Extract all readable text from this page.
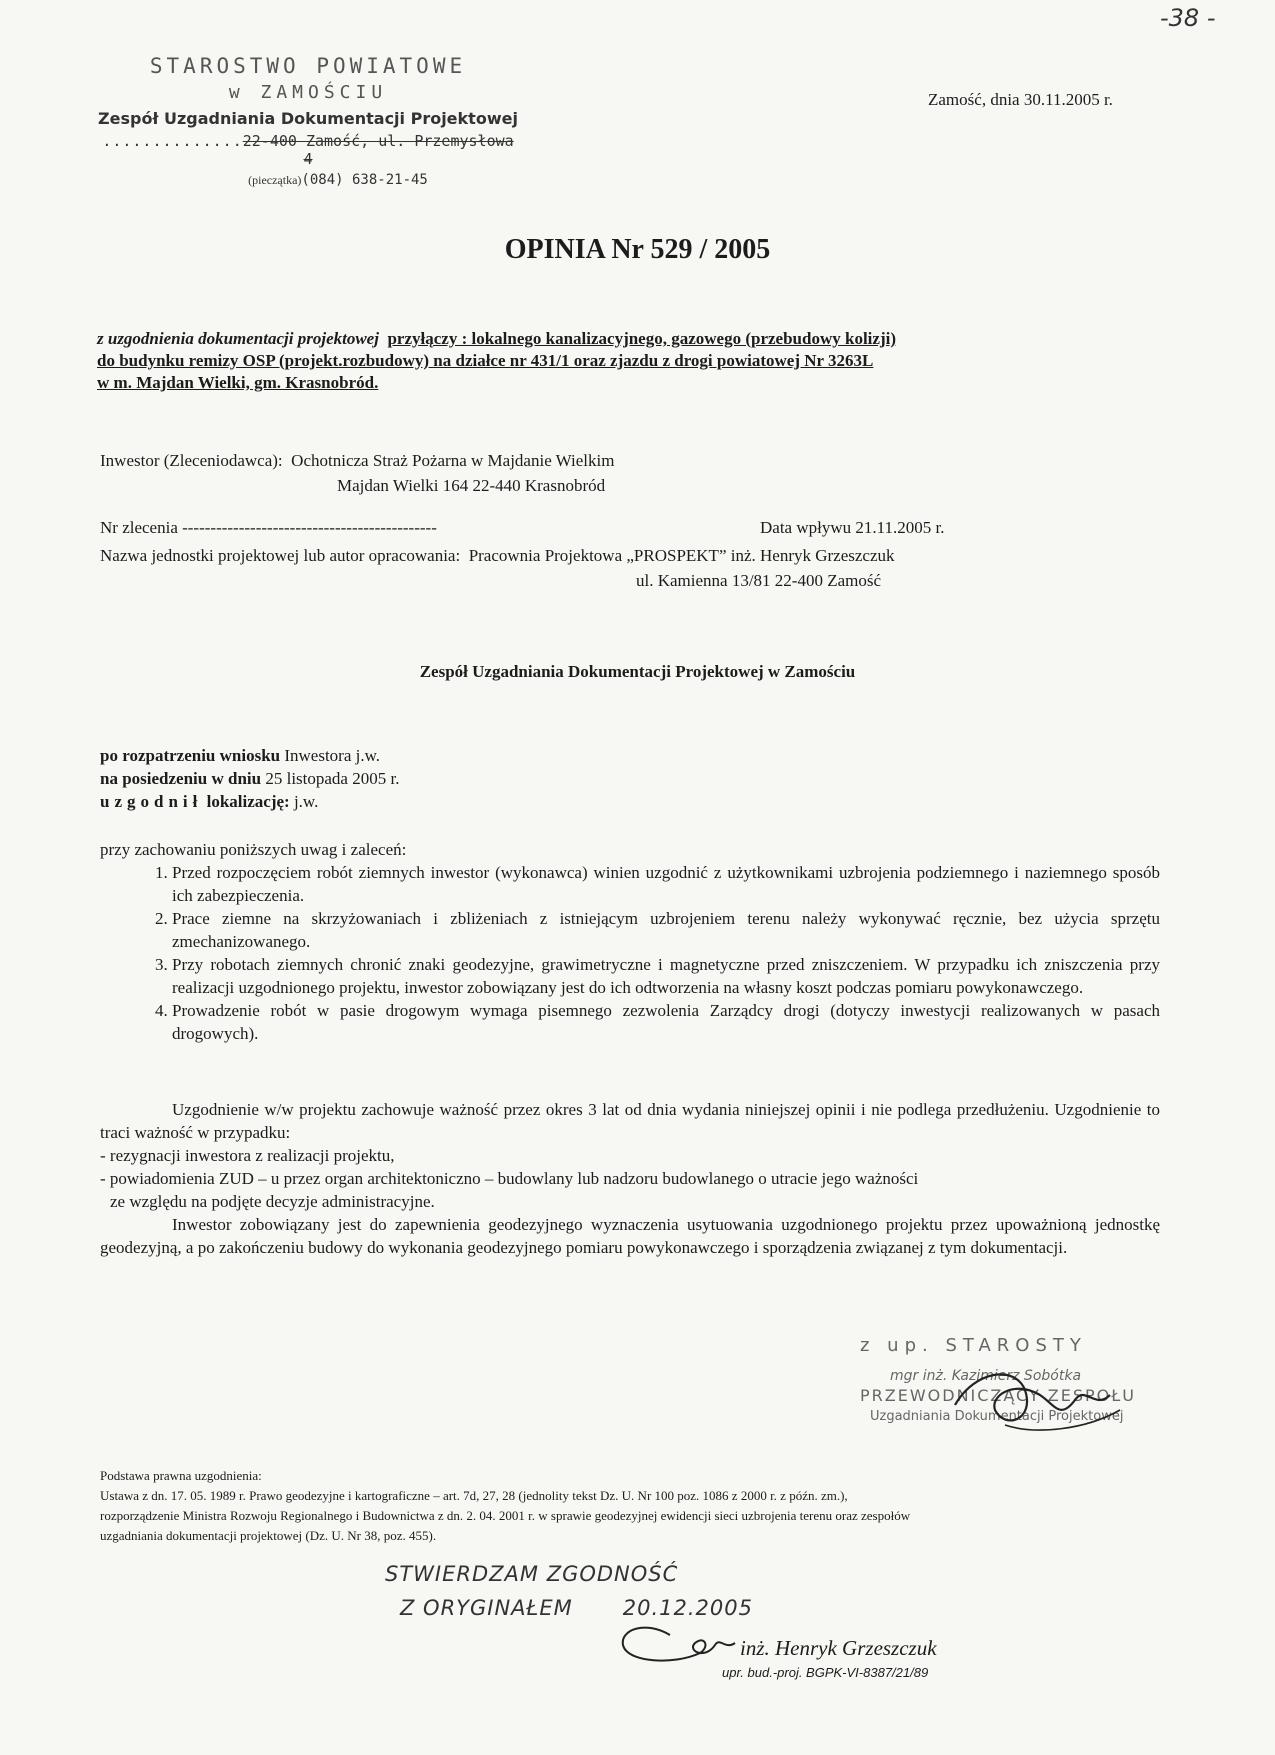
-38 -
STAROSTWO POWIATOWE
w ZAMOŚCIU
Zespół Uzgadniania Dokumentacji Projektowej
..............22-400 Zamość, ul. Przemysłowa 4
(pieczątka)(084) 638-21-45
Zamość, dnia 30.11.2005 r.
OPINIA Nr 529 / 2005
z uzgodnienia dokumentacji projektowej przyłączy : lokalnego kanalizacyjnego, gazowego (przebudowy kolizji)
do budynku remizy OSP (projekt.rozbudowy) na działce nr 431/1 oraz zjazdu z drogi powiatowej Nr 3263L
w m. Majdan Wielki, gm. Krasnobród.
Inwestor (Zleceniodawca): Ochotnicza Straż Pożarna w Majdanie Wielkim
Majdan Wielki 164 22-440 Krasnobród
Nr zlecenia ---------------------------------------------	Data wpływu 21.11.2005 r.
Nazwa jednostki projektowej lub autor opracowania: Pracownia Projektowa „PROSPEKT” inż. Henryk Grzeszczuk
ul. Kamienna 13/81 22-400 Zamość
Zespół Uzgadniania Dokumentacji Projektowej w Zamościu
po rozpatrzeniu wniosku Inwestora j.w.
na posiedzeniu w dniu 25 listopada 2005 r.
uzgodnił lokalizację: j.w.
przy zachowaniu poniższych uwag i zaleceń:
1. Przed rozpoczęciem robót ziemnych inwestor (wykonawca) winien uzgodnić z użytkownikami uzbrojenia podziemnego i naziemnego sposób ich zabezpieczenia.
2. Prace ziemne na skrzyżowaniach i zbliżeniach z istniejącym uzbrojeniem terenu należy wykonywać ręcznie, bez użycia sprzętu zmechanizowanego.
3. Przy robotach ziemnych chronić znaki geodezyjne, grawimetryczne i magnetyczne przed zniszczeniem. W przypadku ich zniszczenia przy realizacji uzgodnionego projektu, inwestor zobowiązany jest do ich odtworzenia na własny koszt podczas pomiaru powykonawczego.
4. Prowadzenie robót w pasie drogowym wymaga pisemnego zezwolenia Zarządcy drogi (dotyczy inwestycji realizowanych w pasach drogowych).
Uzgodnienie w/w projektu zachowuje ważność przez okres 3 lat od dnia wydania niniejszej opinii i nie podlega przedłużeniu. Uzgodnienie to traci ważność w przypadku:
- rezygnacji inwestora z realizacji projektu,
- powiadomienia ZUD – u przez organ architektoniczno – budowlany lub nadzoru budowlanego o utracie jego ważności
ze względu na podjęte decyzje administracyjne.
Inwestor zobowiązany jest do zapewnienia geodezyjnego wyznaczenia usytuowania uzgodnionego projektu przez upoważnioną jednostkę geodezyjną, a po zakończeniu budowy do wykonania geodezyjnego pomiaru powykonawczego i sporządzenia związanej z tym dokumentacji.
z up. STAROSTY
mgr inż. Kazimierz Sobótka
PRZEWODNICZĄCY ZESPOŁU
Uzgadniania Dokumentacji Projektowej
Podstawa prawna uzgodnienia:
Ustawa z dn. 17. 05. 1989 r. Prawo geodezyjne i kartograficzne – art. 7d, 27, 28 (jednolity tekst Dz. U. Nr 100 poz. 1086 z 2000 r. z późn. zm.),
rozporządzenie Ministra Rozwoju Regionalnego i Budownictwa z dn. 2. 04. 2001 r. w sprawie geodezyjnej ewidencji sieci uzbrojenia terenu oraz zespołów
uzgadniania dokumentacji projektowej (Dz. U. Nr 38, poz. 455).
STWIERDZAM ZGODNOŚĆ
Z ORYGINAŁEM 20.12.2005
inż. Henryk Grzeszczuk
upr. bud.-proj. BGPK-VI-8387/21/89
